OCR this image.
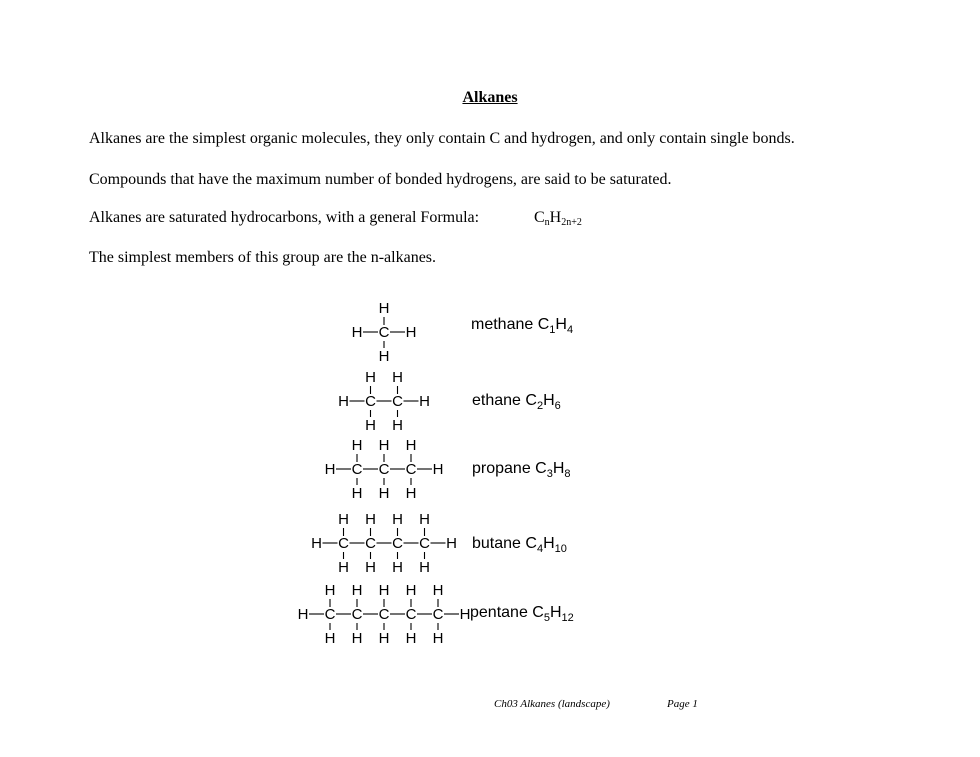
Alkanes
Alkanes are the simplest organic molecules, they only contain C and hydrogen, and only contain single bonds.
Compounds that have the maximum number of bonded hydrogens, are said to be saturated.
Alkanes are saturated hydrocarbons, with a general Formula:	$C_nH_{2n+2}$
The simplest members of this group are the n-alkanes.
H	H
C
H
H
H	H
C
H
H
C
H
H
H	H
C
H
H
C
H
H
C
H
H
H	H
C
H
H
C
H
H
C
H
H
C
H
H
H	H
C
H
H
C
H
H
C
H
H
C
H
H
C
H
H
methane $C_1H_4$
ethane $C_2H_6$
propane $C_3H_8$
butane $C_4H_{10}$
pentane $C_5H_{12}$
Ch03 Alkanes (landscape)	Page 1
